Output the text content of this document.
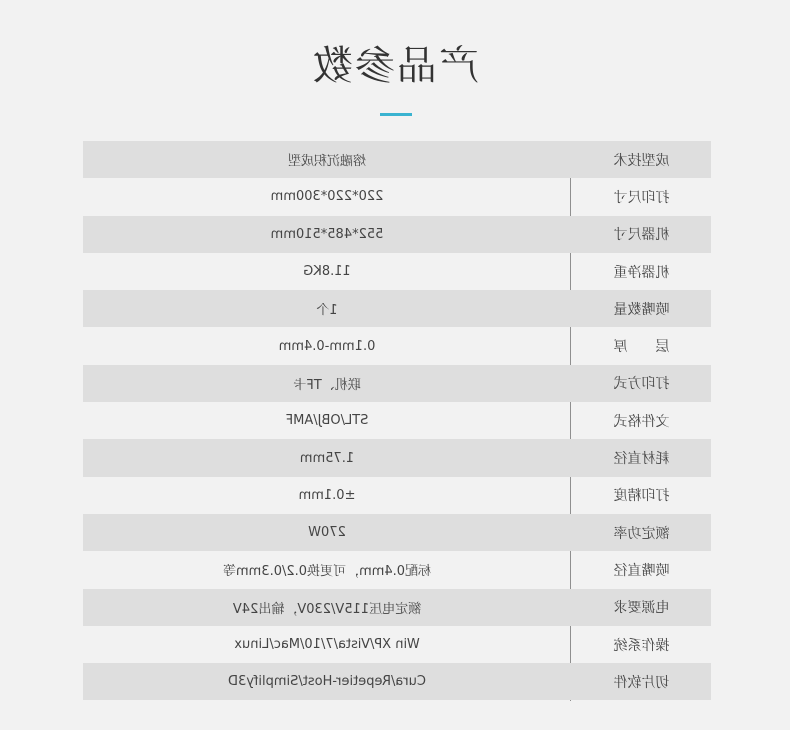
产品参数
熔融沉积成型	成型技术
220*220*300mm	打印尺寸
552*485*510mm	机器尺寸
11.8KG	机器净重
1个	喷嘴数量
0.1mm-0.4mm	层　　厚
联机、TF卡	打印方式
STL/OBJ/AMF	文件格式
1.75mm	耗材直径
±0.1mm	打印精度
270W	额定功率
标配0.4mm，可更换0.2/0.3mm等	喷嘴直径
额定电压115V/230V，输出24V	电源要求
Win XP/Vista/7/10/Mac/Linux	操作系统
Cura/Repetier-Host/Simplify3D	切片软件
